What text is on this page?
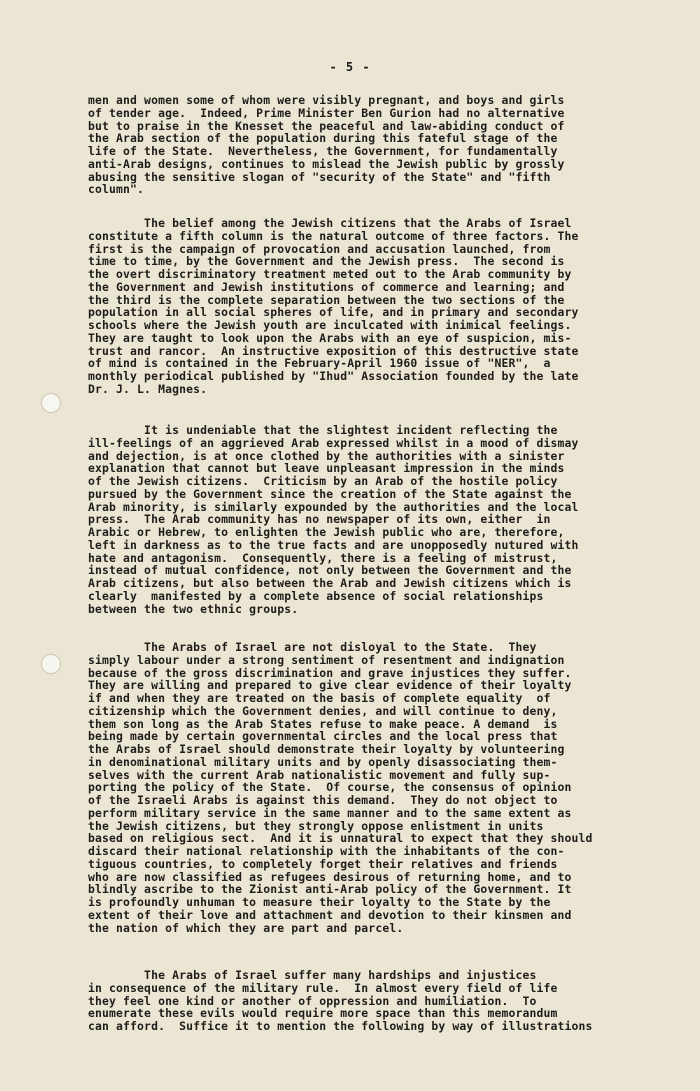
- 5 -

men and women some of whom were visibly pregnant, and boys and girls
of tender age.  Indeed, Prime Minister Ben Gurion had no alternative
but to praise in the Knesset the peaceful and law-abiding conduct of
the Arab section of the population during this fateful stage of the
life of the State.  Nevertheless, the Government, for fundamentally
anti-Arab designs, continues to mislead the Jewish public by grossly
abusing the sensitive slogan of "security of the State" and "fifth
column".

The belief among the Jewish citizens that the Arabs of Israel
constitute a fifth column is the natural outcome of three factors. The
first is the campaign of provocation and accusation launched, from
time to time, by the Government and the Jewish press.  The second is
the overt discriminatory treatment meted out to the Arab community by
the Government and Jewish institutions of commerce and learning; and
the third is the complete separation between the two sections of the
population in all social spheres of life, and in primary and secondary
schools where the Jewish youth are inculcated with inimical feelings.
They are taught to look upon the Arabs with an eye of suspicion, mis-
trust and rancor.  An instructive exposition of this destructive state
of mind is contained in the February-April 1960 issue of "NER",  a
monthly periodical published by "Ihud" Association founded by the late
Dr. J. L. Magnes.

It is undeniable that the slightest incident reflecting the
ill-feelings of an aggrieved Arab expressed whilst in a mood of dismay
and dejection, is at once clothed by the authorities with a sinister
explanation that cannot but leave unpleasant impression in the minds
of the Jewish citizens.  Criticism by an Arab of the hostile policy
pursued by the Government since the creation of the State against the
Arab minority, is similarly expounded by the authorities and the local
press.  The Arab community has no newspaper of its own, either  in
Arabic or Hebrew, to enlighten the Jewish public who are, therefore,
left in darkness as to the true facts and are unopposedly nutured with
hate and antagonism.  Consequently, there is a feeling of mistrust,
instead of mutual confidence, not only between the Government and the
Arab citizens, but also between the Arab and Jewish citizens which is
clearly  manifested by a complete absence of social relationships
between the two ethnic groups.

The Arabs of Israel are not disloyal to the State.  They
simply labour under a strong sentiment of resentment and indignation
because of the gross discrimination and grave injustices they suffer.
They are willing and prepared to give clear evidence of their loyalty
if and when they are treated on the basis of complete equality  of
citizenship which the Government denies, and will continue to deny,
them son long as the Arab States refuse to make peace. A demand  is
being made by certain governmental circles and the local press that
the Arabs of Israel should demonstrate their loyalty by volunteering
in denominational military units and by openly disassociating them-
selves with the current Arab nationalistic movement and fully sup-
porting the policy of the State.  Of course, the consensus of opinion
of the Israeli Arabs is against this demand.  They do not object to
perform military service in the same manner and to the same extent as
the Jewish citizens, but they strongly oppose enlistment in units
based on religious sect.  And it is unnatural to expect that they should
discard their national relationship with the inhabitants of the con-
tiguous countries, to completely forget their relatives and friends
who are now classified as refugees desirous of returning home, and to
blindly ascribe to the Zionist anti-Arab policy of the Government. It
is profoundly unhuman to measure their loyalty to the State by the
extent of their love and attachment and devotion to their kinsmen and
the nation of which they are part and parcel.

The Arabs of Israel suffer many hardships and injustices
in consequence of the military rule.  In almost every field of life
they feel one kind or another of oppression and humiliation.  To
enumerate these evils would require more space than this memorandum
can afford.  Suffice it to mention the following by way of illustrations
